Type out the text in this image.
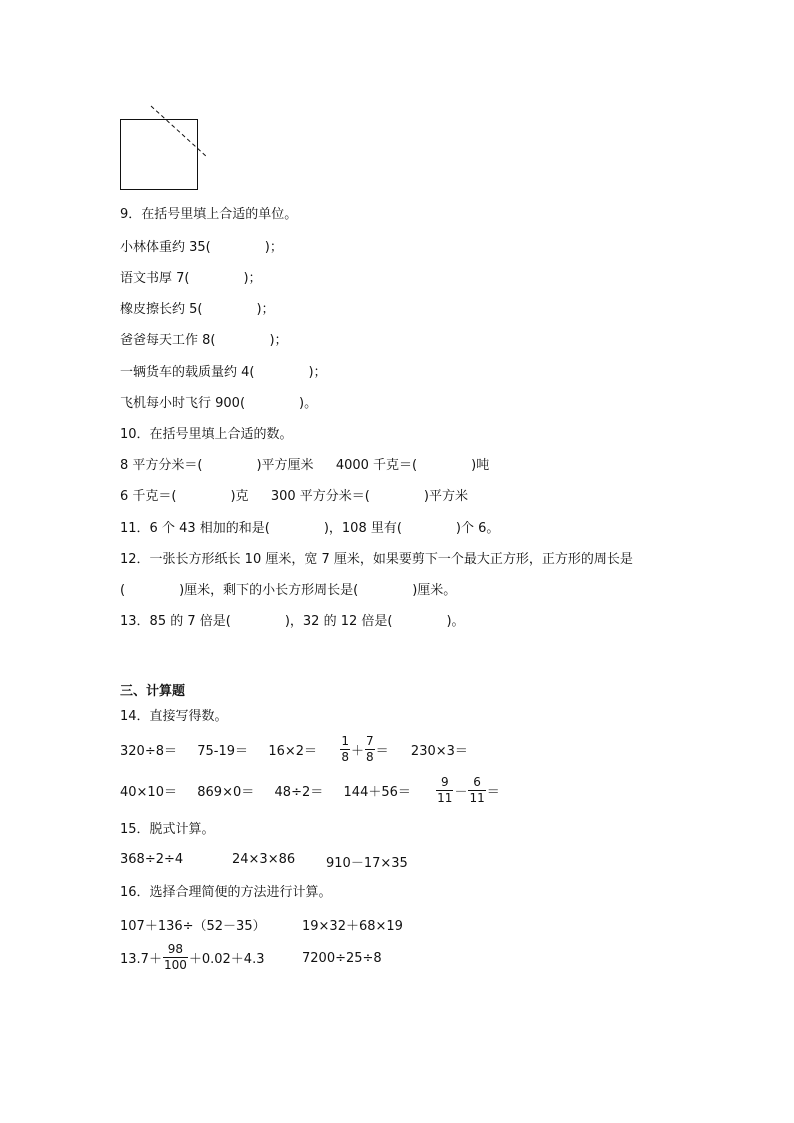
9．在括号里填上合适的单位。
小林体重约 35(	)；
语文书厚 7(	)；
橡皮擦长约 5(	)；
爸爸每天工作 8(	)；
一辆货车的载质量约 4(	)；
飞机每小时飞行 900(	)。
10．在括号里填上合适的数。
8 平方分米＝(	)平方厘米 4000 千克＝(	)吨
6 千克＝(	)克 300 平方分米＝(	)平方米
11．6 个 43 相加的和是(	)，108 里有(	)个 6。
12．一张长方形纸长 10 厘米，宽 7 厘米，如果要剪下一个最大正方形，正方形的周长是
(	)厘米，剩下的小长方形周长是(	)厘米。
13．85 的 7 倍是(	)，32 的 12 倍是(	)。
三、计算题
14．直接写得数。
$320\div 8= 75-19= 16\times 2= \frac{1}{8} + \frac{7}{8} = 230\times 3=$
$40\times 10= 869\times 0= 48\div 2= 144+56= \frac{9}{11} - \frac{6}{11}$ ＝
15．脱式计算。
368÷2÷4	24×3×86 910－17×35
16．选择合理简便的方法进行计算。
107＋136÷（52－35）	19×32＋68×19
$13.7+ \frac{98}{100} +0.02+4.3$	7200÷25÷8
